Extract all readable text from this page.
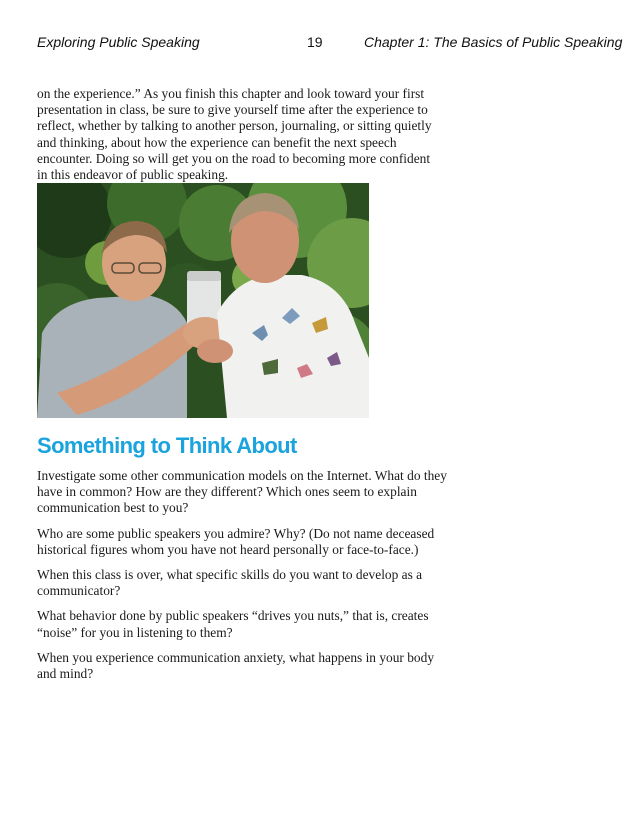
Exploring Public Speaking	19	Chapter 1: The Basics of Public Speaking

on the experience.” As you finish this chapter and look toward your first presentation in class, be sure to give yourself time after the experience to reflect, whether by talking to another person, journaling, or sitting quietly and thinking, about how the experience can benefit the next speech encounter. Doing so will get you on the road to becoming more confident in this endeavor of public speaking.

Something to Think About

Investigate some other communication models on the Internet. What do they have in common? How are they different? Which ones seem to explain communication best to you?

Who are some public speakers you admire? Why? (Do not name deceased historical figures whom you have not heard personally or face-to-face.)

When this class is over, what specific skills do you want to develop as a communicator?

What behavior done by public speakers “drives you nuts,” that is, creates “noise” for you in listening to them?

When you experience communication anxiety, what happens in your body and mind?
